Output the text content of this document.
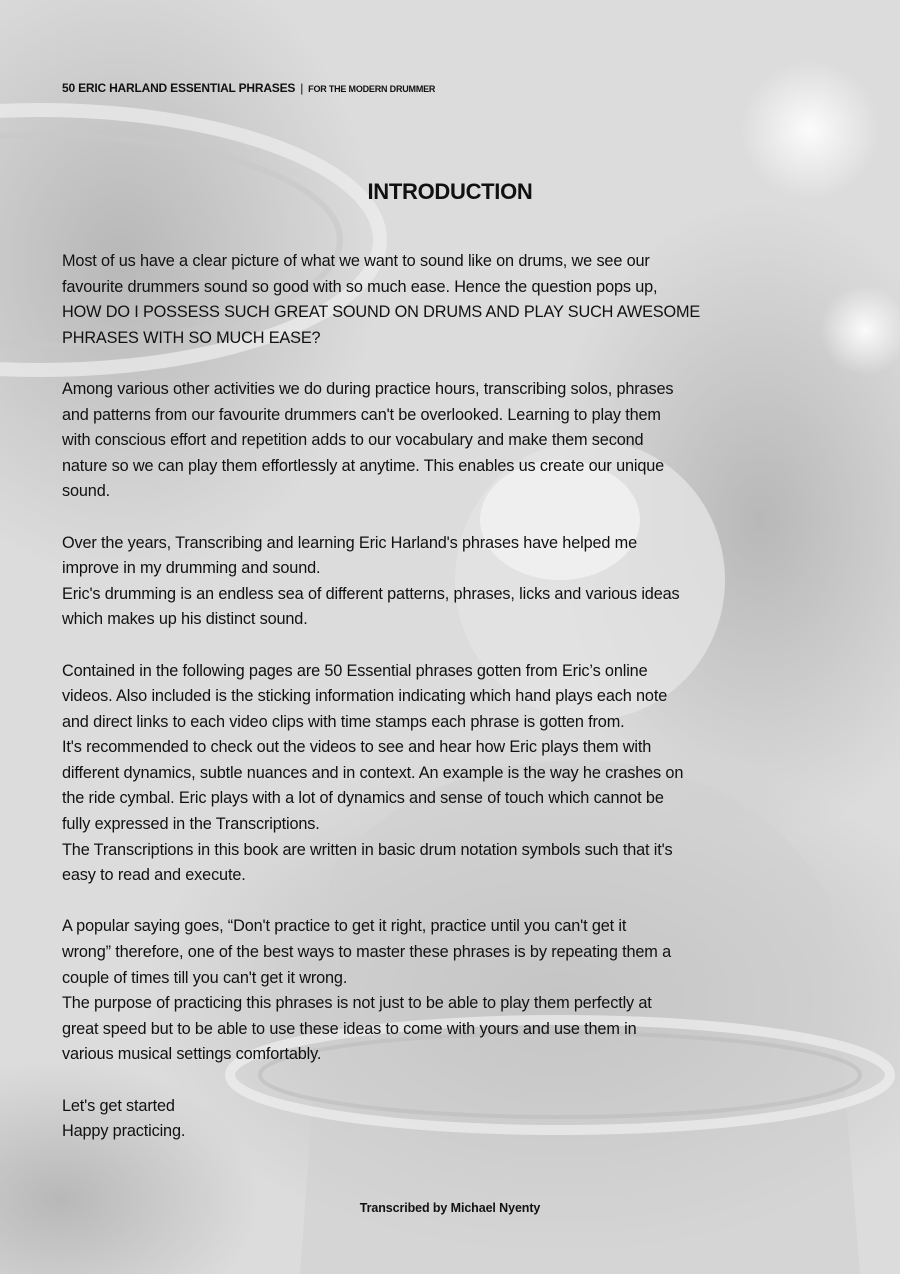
50 ERIC HARLAND ESSENTIAL PHRASES | FOR THE MODERN DRUMMER
INTRODUCTION

Most of us have a clear picture of what we want to sound like on drums, we see our
favourite drummers sound so good with so much ease. Hence the question pops up,
HOW DO I POSSESS SUCH GREAT SOUND ON DRUMS AND PLAY SUCH AWESOME
PHRASES WITH SO MUCH EASE?

Among various other activities we do during practice hours, transcribing solos, phrases
and patterns from our favourite drummers can't be overlooked. Learning to play them
with conscious effort and repetition adds to our vocabulary and make them second
nature so we can play them effortlessly at anytime. This enables us create our unique
sound.

Over the years, Transcribing and learning Eric Harland's phrases have helped me
improve in my drumming and sound.
Eric's drumming is an endless sea of different patterns, phrases, licks and various ideas
which makes up his distinct sound.

Contained in the following pages are 50 Essential phrases gotten from Eric’s online
videos. Also included is the sticking information indicating which hand plays each note
and direct links to each video clips with time stamps each phrase is gotten from.
It's recommended to check out the videos to see and hear how Eric plays them with
different dynamics, subtle nuances and in context. An example is the way he crashes on
the ride cymbal. Eric plays with a lot of dynamics and sense of touch which cannot be
fully expressed in the Transcriptions.
The Transcriptions in this book are written in basic drum notation symbols such that it's
easy to read and execute.

A popular saying goes, “Don't practice to get it right, practice until you can't get it
wrong” therefore, one of the best ways to master these phrases is by repeating them a
couple of times till you can't get it wrong.
The purpose of practicing this phrases is not just to be able to play them perfectly at
great speed but to be able to use these ideas to come with yours and use them in
various musical settings comfortably.

Let's get started
Happy practicing.

Transcribed by Michael Nyenty
